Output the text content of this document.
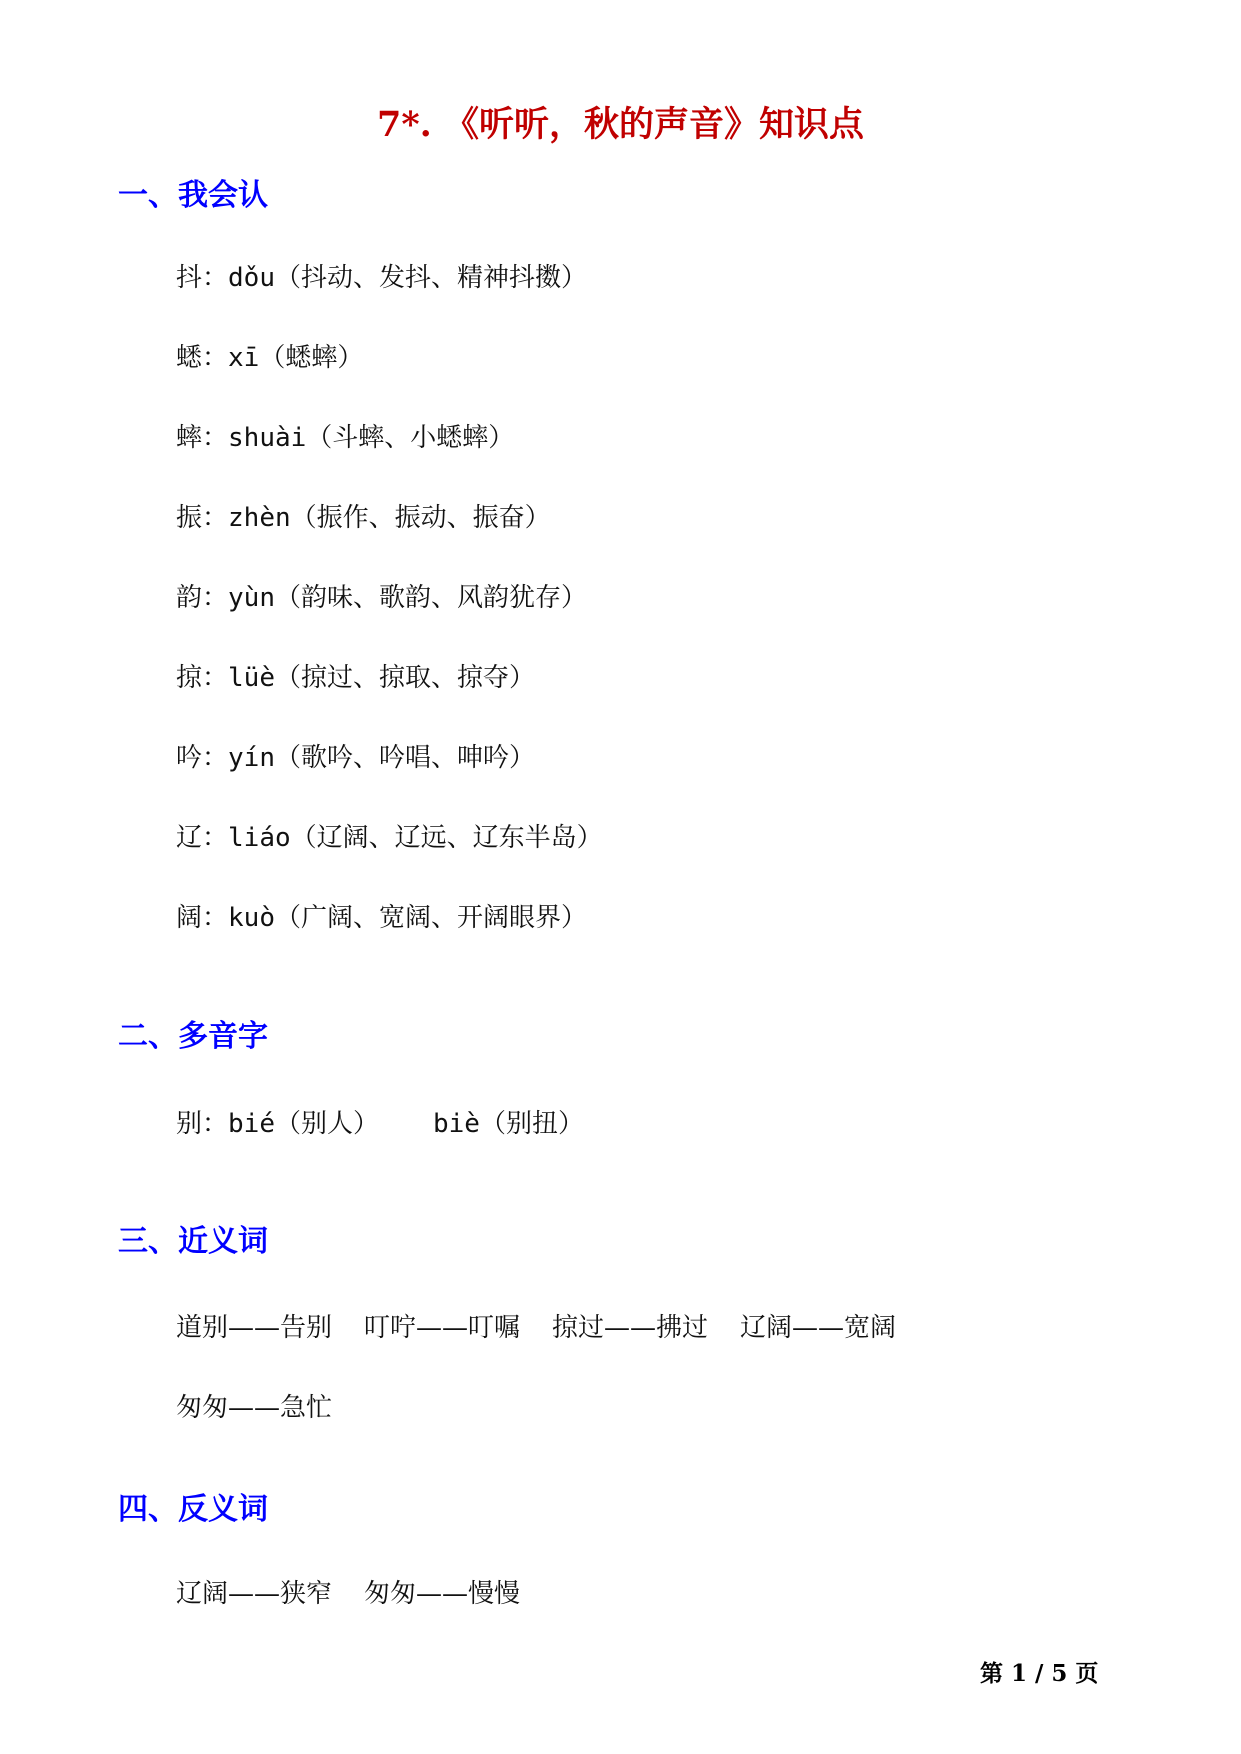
7*. 《听听，秋的声音》知识点
一、我会认

抖：dǒu（抖动、发抖、精神抖擞）

蟋：xī（蟋蟀）

蟀：shuài（斗蟀、小蟋蟀）

振：zhèn（振作、振动、振奋）

韵：yùn（韵味、歌韵、风韵犹存）

掠：lüè（掠过、掠取、掠夺）

吟：yín（歌吟、吟唱、呻吟）

辽：liáo（辽阔、辽远、辽东半岛）

阔：kuò（广阔、宽阔、开阔眼界）

二、多音字

别：bié（别人） biè（别扭）

三、近义词

道别——告别 叮咛——叮嘱 掠过——拂过 辽阔——宽阔

匆匆——急忙

四、反义词

辽阔——狭窄 匆匆——慢慢

第 1 / 5 页
